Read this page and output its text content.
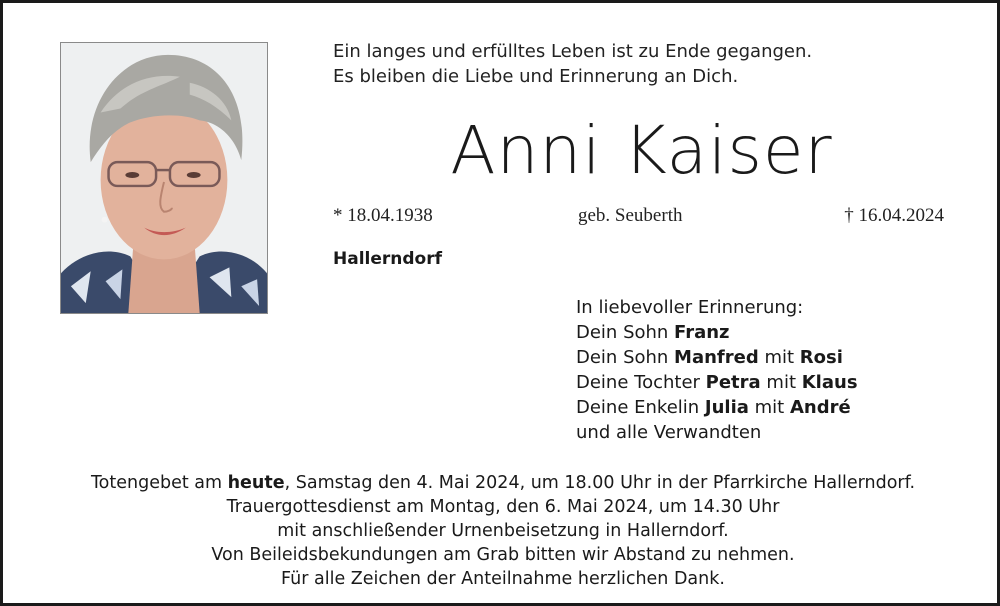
Ein langes und erfülltes Leben ist zu Ende gegangen.
Es bleiben die Liebe und Erinnerung an Dich.
Anni Kaiser
* 18.04.1938	geb. Seuberth	† 16.04.2024
Hallerndorf
In liebevoller Erinnerung:
Dein Sohn Franz
Dein Sohn Manfred mit Rosi
Deine Tochter Petra mit Klaus
Deine Enkelin Julia mit André
und alle Verwandten
Totengebet am heute, Samstag den 4. Mai 2024, um 18.00 Uhr in der Pfarrkirche Hallerndorf.
Trauergottesdienst am Montag, den 6. Mai 2024, um 14.30 Uhr
mit anschließender Urnenbeisetzung in Hallerndorf.
Von Beileidsbekundungen am Grab bitten wir Abstand zu nehmen.
Für alle Zeichen der Anteilnahme herzlichen Dank.
